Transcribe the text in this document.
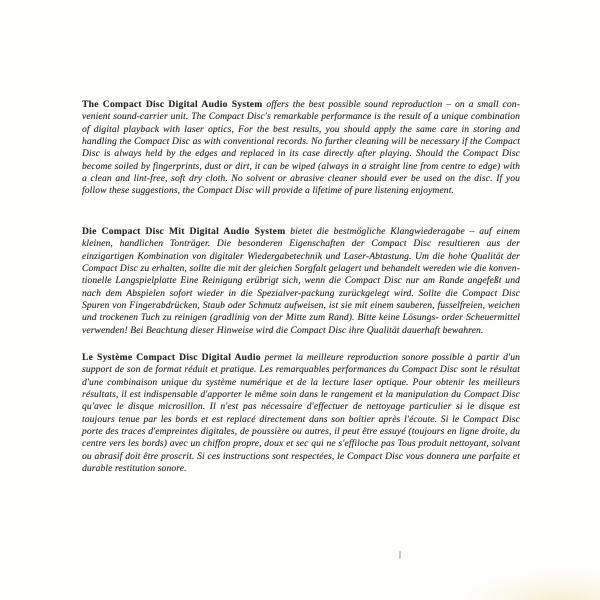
The Compact Disc Digital Audio System offers the best possible sound reproduction – on a small con-venient sound-carrier unit. The Compact Disc's remarkable performance is the result of a unique combination of digital playback with laser optics, For the best results, you should apply the same care in storing and handling the Compact Disc as with conventional records. No further cleaning will be necessary if the Compact Disc is always held by the edges and replaced in its case directly after playing. Should the Compact Disc become soiled by fingerprints, dust or dirt, it can be wiped (always in a straight line from centre to edge) with a clean and lint-free, soft dry cloth. No solvent or abrasive cleaner should ever be used on the disc. If you follow these suggestions, the Compact Disc will provide a lifetime of pure listening enjoyment.

Die Compact Disc Mit Digital Audio System bietet die bestmögliche Klangwiederagabe – auf einem kleinen, handlichen Tonträger. Die besonderen Eigenschaften der Compact Disc resultieren aus der einzigartigen Kombination von digitaler Wiedergabetechnik und Laser-Abtastung. Um die hohe Qualität der Compact Disc zu erhalten, sollte die mit der gleichen Sorgfalt gelagert und behandelt wereden wie die konven-tionelle Langspielplatte Eine Reinigung erübrigt sich, wenn die Compact Disc nur am Rande angefeßt und nach dem Abspielen sofort wieder in die Spezialver-packung zurückgelegt wird. Sollte die Compact Disc Spuren von Fingerabdrücken, Staub oder Schmutz aufweisen, ist sie mit einem sauberen, fusselfreien, weichen und trockenen Tuch zu reinigen (gradlinig von der Mitte zum Rand). Bitte keine Lösungs- order Scheuermittel verwenden! Bei Beachtung dieser Hinweise wird die Compact Disc ihre Qualität dauerhaft bewahren.

Le Système Compact Disc Digital Audio permet la meilleure reproduction sonore possible à partir d'un support de son de format réduit et pratique. Les remarquables performances du Compact Disc sont le résultat d'une combinaison unique du système numérique et de la lecture laser optique. Pour obtenir les meilleurs résultats, il est indispensable d'apporter le même soin dans le rangement et la manipulation du Compact Disc qu'avec le disque microsillon. Il n'est pas nécessaire d'effectuer de nettoyage particulier si le disque est toujours tenue par les bords et est replacé directement dans son boîtier après l'écoute. Si le Compact Disc porte des traces d'empreintes digitales, de poussière ou autres, il peut être essuyé (toujours en ligne droite, du centre vers les bords) avec un chiffon propre, doux et sec qui ne s'effiloche pas Tous produit nettoyant, solvant ou abrasif doit être proscrit. Si ces instructions sont respectées, le Compact Disc vous donnera une parfaite et durable restitution sonore.
